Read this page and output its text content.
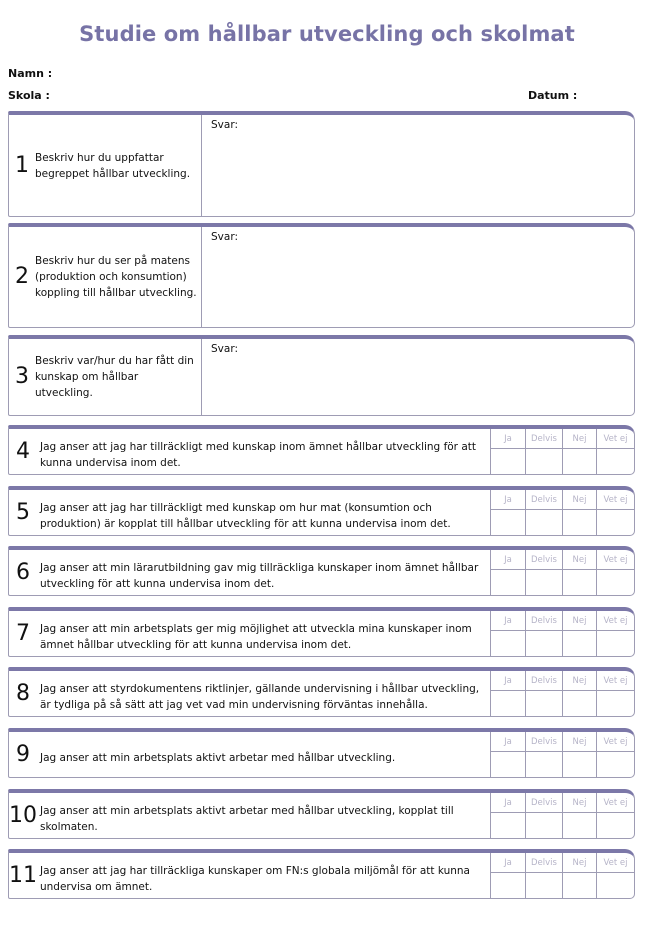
Studie om hållbar utveckling och skolmat
Namn :
Skola :	Datum :
1 Beskriv hur du uppfattar begreppet hållbar utveckling.
Svar:
2
Beskriv hur du ser på matens (produktion och konsumtion) koppling till hållbar utveckling.
Svar:
3
Beskriv var/hur du har fått din kunskap om hållbar utveckling.
Svar:
4 Jag anser att jag har tillräckligt med kunskap inom ämnet hållbar utveckling för att kunna undervisa inom det.
Ja	Delvis	Nej	Vet ej
5 Jag anser att jag har tillräckligt med kunskap om hur mat (konsumtion och produktion) är kopplat till hållbar utveckling för att kunna undervisa inom det.
Ja	Delvis	Nej	Vet ej
6 Jag anser att min lärarutbildning gav mig tillräckliga kunskaper inom ämnet hållbar utveckling för att kunna undervisa inom det.
Ja	Delvis	Nej	Vet ej
7 Jag anser att min arbetsplats ger mig möjlighet att utveckla mina kunskaper inom ämnet hållbar utveckling för att kunna undervisa inom det.
Ja	Delvis	Nej	Vet ej
8 Jag anser att styrdokumentens riktlinjer, gällande undervisning i hållbar utveckling, är tydliga på så sätt att jag vet vad min undervisning förväntas innehålla.
Ja	Delvis	Nej	Vet ej
9 Jag anser att min arbetsplats aktivt arbetar med hållbar utveckling.
Ja	Delvis	Nej	Vet ej
10 Jag anser att min arbetsplats aktivt arbetar med hållbar utveckling, kopplat till skolmaten.
Ja	Delvis	Nej	Vet ej
11 Jag anser att jag har tillräckliga kunskaper om FN:s globala miljömål för att kunna undervisa om ämnet.
Ja	Delvis	Nej	Vet ej
